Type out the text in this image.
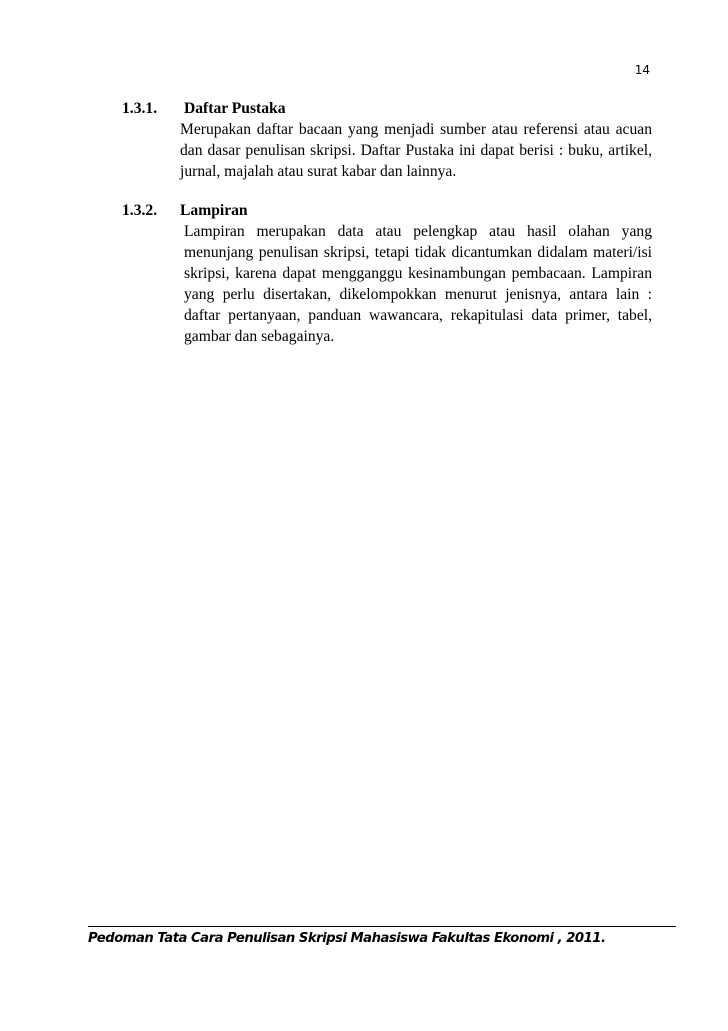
14
1.3.1.	Daftar Pustaka
Merupakan daftar bacaan yang menjadi sumber atau referensi atau acuan dan dasar penulisan skripsi. Daftar Pustaka ini dapat berisi : buku, artikel, jurnal, majalah atau surat kabar dan lainnya.
1.3.2.	Lampiran
Lampiran merupakan data atau pelengkap atau hasil olahan yang menunjang penulisan skripsi, tetapi tidak dicantumkan didalam materi/isi skripsi, karena dapat mengganggu kesinambungan pembacaan. Lampiran yang perlu disertakan, dikelompokkan menurut jenisnya, antara lain : daftar pertanyaan, panduan wawancara, rekapitulasi data primer, tabel, gambar dan sebagainya.
Pedoman Tata Cara Penulisan Skripsi Mahasiswa Fakultas Ekonomi , 2011.
